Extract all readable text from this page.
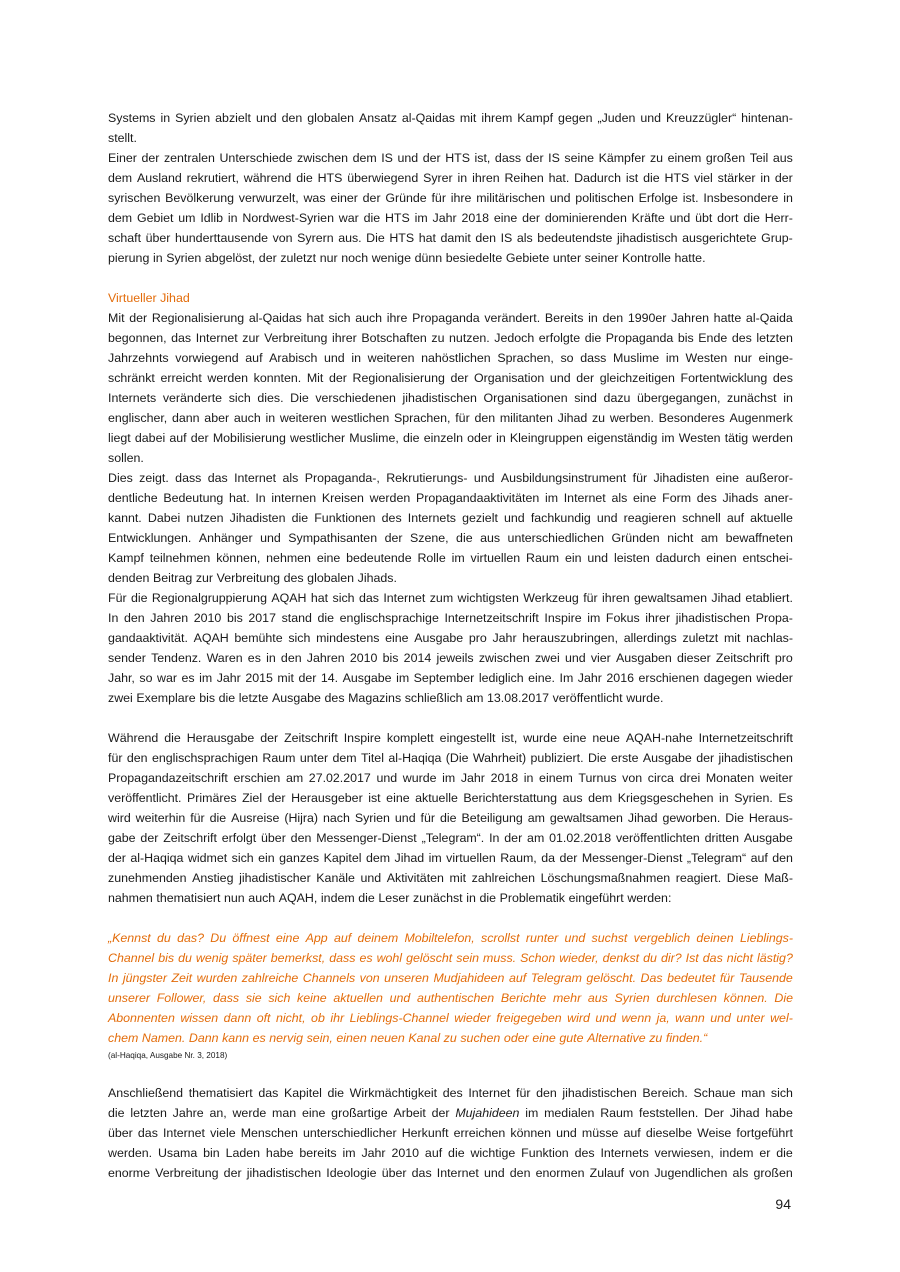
Systems in Syrien abzielt und den globalen Ansatz al-Qaidas mit ihrem Kampf gegen „Juden und Kreuzzügler“ hintenan-
stellt.
Einer der zentralen Unterschiede zwischen dem IS und der HTS ist, dass der IS seine Kämpfer zu einem großen Teil aus
dem Ausland rekrutiert, während die HTS überwiegend Syrer in ihren Reihen hat. Dadurch ist die HTS viel stärker in der
syrischen Bevölkerung verwurzelt, was einer der Gründe für ihre militärischen und politischen Erfolge ist. Insbesondere in
dem Gebiet um Idlib in Nordwest-Syrien war die HTS im Jahr 2018 eine der dominierenden Kräfte und übt dort die Herr-
schaft über hunderttausende von Syrern aus. Die HTS hat damit den IS als bedeutendste jihadistisch ausgerichtete Grup-
pierung in Syrien abgelöst, der zuletzt nur noch wenige dünn besiedelte Gebiete unter seiner Kontrolle hatte.
Virtueller Jihad
Mit der Regionalisierung al-Qaidas hat sich auch ihre Propaganda verändert. Bereits in den 1990er Jahren hatte al-Qaida
begonnen, das Internet zur Verbreitung ihrer Botschaften zu nutzen. Jedoch erfolgte die Propaganda bis Ende des letzten
Jahrzehnts vorwiegend auf Arabisch und in weiteren nahöstlichen Sprachen, so dass Muslime im Westen nur einge-
schränkt erreicht werden konnten. Mit der Regionalisierung der Organisation und der gleichzeitigen Fortentwicklung des
Internets veränderte sich dies. Die verschiedenen jihadistischen Organisationen sind dazu übergegangen, zunächst in
englischer, dann aber auch in weiteren westlichen Sprachen, für den militanten Jihad zu werben. Besonderes Augenmerk
liegt dabei auf der Mobilisierung westlicher Muslime, die einzeln oder in Kleingruppen eigenständig im Westen tätig werden
sollen.
Dies zeigt. dass das Internet als Propaganda-, Rekrutierungs- und Ausbildungsinstrument für Jihadisten eine außeror-
dentliche Bedeutung hat. In internen Kreisen werden Propagandaaktivitäten im Internet als eine Form des Jihads aner-
kannt. Dabei nutzen Jihadisten die Funktionen des Internets gezielt und fachkundig und reagieren schnell auf aktuelle
Entwicklungen. Anhänger und Sympathisanten der Szene, die aus unterschiedlichen Gründen nicht am bewaffneten
Kampf teilnehmen können, nehmen eine bedeutende Rolle im virtuellen Raum ein und leisten dadurch einen entschei-
denden Beitrag zur Verbreitung des globalen Jihads.
Für die Regionalgruppierung AQAH hat sich das Internet zum wichtigsten Werkzeug für ihren gewaltsamen Jihad etabliert.
In den Jahren 2010 bis 2017 stand die englischsprachige Internetzeitschrift Inspire im Fokus ihrer jihadistischen Propa-
gandaaktivität. AQAH bemühte sich mindestens eine Ausgabe pro Jahr herauszubringen, allerdings zuletzt mit nachlas-
sender Tendenz. Waren es in den Jahren 2010 bis 2014 jeweils zwischen zwei und vier Ausgaben dieser Zeitschrift pro
Jahr, so war es im Jahr 2015 mit der 14. Ausgabe im September lediglich eine. Im Jahr 2016 erschienen dagegen wieder
zwei Exemplare bis die letzte Ausgabe des Magazins schließlich am 13.08.2017 veröffentlicht wurde.
Während die Herausgabe der Zeitschrift Inspire komplett eingestellt ist, wurde eine neue AQAH-nahe Internetzeitschrift
für den englischsprachigen Raum unter dem Titel al-Haqiqa (Die Wahrheit) publiziert. Die erste Ausgabe der jihadistischen
Propagandazeitschrift erschien am 27.02.2017 und wurde im Jahr 2018 in einem Turnus von circa drei Monaten weiter
veröffentlicht. Primäres Ziel der Herausgeber ist eine aktuelle Berichterstattung aus dem Kriegsgeschehen in Syrien. Es
wird weiterhin für die Ausreise (Hijra) nach Syrien und für die Beteiligung am gewaltsamen Jihad geworben. Die Heraus-
gabe der Zeitschrift erfolgt über den Messenger-Dienst „Telegram“. In der am 01.02.2018 veröffentlichten dritten Ausgabe
der al-Haqiqa widmet sich ein ganzes Kapitel dem Jihad im virtuellen Raum, da der Messenger-Dienst „Telegram“ auf den
zunehmenden Anstieg jihadistischer Kanäle und Aktivitäten mit zahlreichen Löschungsmaßnahmen reagiert. Diese Maß-
nahmen thematisiert nun auch AQAH, indem die Leser zunächst in die Problematik eingeführt werden:
„Kennst du das? Du öffnest eine App auf deinem Mobiltelefon, scrollst runter und suchst vergeblich deinen Lieblings-
Channel bis du wenig später bemerkst, dass es wohl gelöscht sein muss. Schon wieder, denkst du dir? Ist das nicht lästig?
In jüngster Zeit wurden zahlreiche Channels von unseren Mudjahideen auf Telegram gelöscht. Das bedeutet für Tausende
unserer Follower, dass sie sich keine aktuellen und authentischen Berichte mehr aus Syrien durchlesen können. Die
Abonnenten wissen dann oft nicht, ob ihr Lieblings-Channel wieder freigegeben wird und wenn ja, wann und unter wel-
chem Namen. Dann kann es nervig sein, einen neuen Kanal zu suchen oder eine gute Alternative zu finden.“
(al-Haqiqa, Ausgabe Nr. 3, 2018)
Anschließend thematisiert das Kapitel die Wirkmächtigkeit des Internet für den jihadistischen Bereich. Schaue man sich
die letzten Jahre an, werde man eine großartige Arbeit der Mujahideen im medialen Raum feststellen. Der Jihad habe
über das Internet viele Menschen unterschiedlicher Herkunft erreichen können und müsse auf dieselbe Weise fortgeführt
werden. Usama bin Laden habe bereits im Jahr 2010 auf die wichtige Funktion des Internets verwiesen, indem er die
enorme Verbreitung der jihadistischen Ideologie über das Internet und den enormen Zulauf von Jugendlichen als großen
94
